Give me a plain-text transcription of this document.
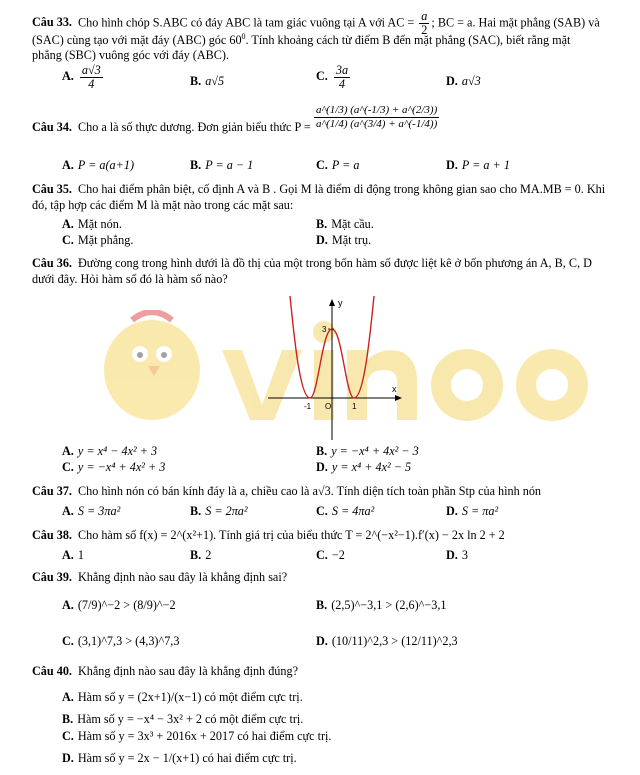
Câu 33. Cho hình chóp S.ABC có đáy ABC là tam giác vuông tại A với AC = $\frac{a}{2}$ ; BC = a. Hai mặt phẳng (SAB) và
(SAC) cùng tạo với mặt đáy (ABC) góc $60^0$. Tính khoảng cách từ điểm B đến mặt phẳng (SAC), biết rằng mặt
phẳng (SBC) vuông góc với đáy (ABC).
A. $\frac{a√3}{4}$	B. a√5	C. $\frac{3a}{4}$	D. a√3
Câu 34. Cho a là số thực dương. Đơn giản biểu thức $P = \frac{a\^{}(1/3) (a\^{}(-1/3) + a\^{}(2/3))}{a\^{}(1/4) (a\^{}(3/4) + a\^{}(-1/4))}$
A. P = a(a+1)	B. P = a − 1	C. P = a	D. P = a + 1
Câu 35. Cho hai điểm phân biệt, cố định A và B . Gọi M là điểm di động trong không gian sao cho MA.MB = 0. Khi
đó, tập hợp các điểm M là mặt nào trong các mặt sau:
A. Mặt nón.	B. Mặt cầu.
C. Mặt phẳng.	D. Mặt trụ.
Câu 36. Đường cong trong hình dưới là đồ thị của một trong bốn hàm số được liệt kê ở bốn phương án A, B, C, D
dưới đây. Hỏi hàm số đó là hàm số nào?
y
x
3
-1 O	1
A. y = x⁴ − 4x² + 3	B. y = −x⁴ + 4x² − 3
C. y = −x⁴ + 4x² + 3	D. y = x⁴ + 4x² − 5
Câu 37. Cho hình nón có bán kính đáy là a, chiều cao là a√3. Tính diện tích toàn phần Stp của hình nón
A. S = 3πa²	B. S = 2πa²	C. S = 4πa²	D. S = πa²
Câu 38. Cho hàm số f(x) = 2^(x²+1). Tính giá trị của biểu thức T = 2^(−x²−1).f′(x) − 2x ln 2 + 2
A. 1	B. 2	C. −2	D. 3
Câu 39. Khẳng định nào sau đây là khẳng định sai?
A. (7/9)^−2 > (8/9)^−2	B. (2,5)^−3,1 > (2,6)^−3,1
C. (3,1)^7,3 > (4,3)^7,3	D. (10/11)^2,3 > (12/11)^2,3
Câu 40. Khẳng định nào sau đây là khẳng định đúng?
A. Hàm số y = (2x+1)/(x−1) có một điểm cực trị.
B. Hàm số y = −x⁴ − 3x² + 2 có một điểm cực trị.
C. Hàm số y = 3x³ + 2016x + 2017 có hai điểm cực trị.
D. Hàm số y = 2x − 1/(x+1) có hai điểm cực trị.
